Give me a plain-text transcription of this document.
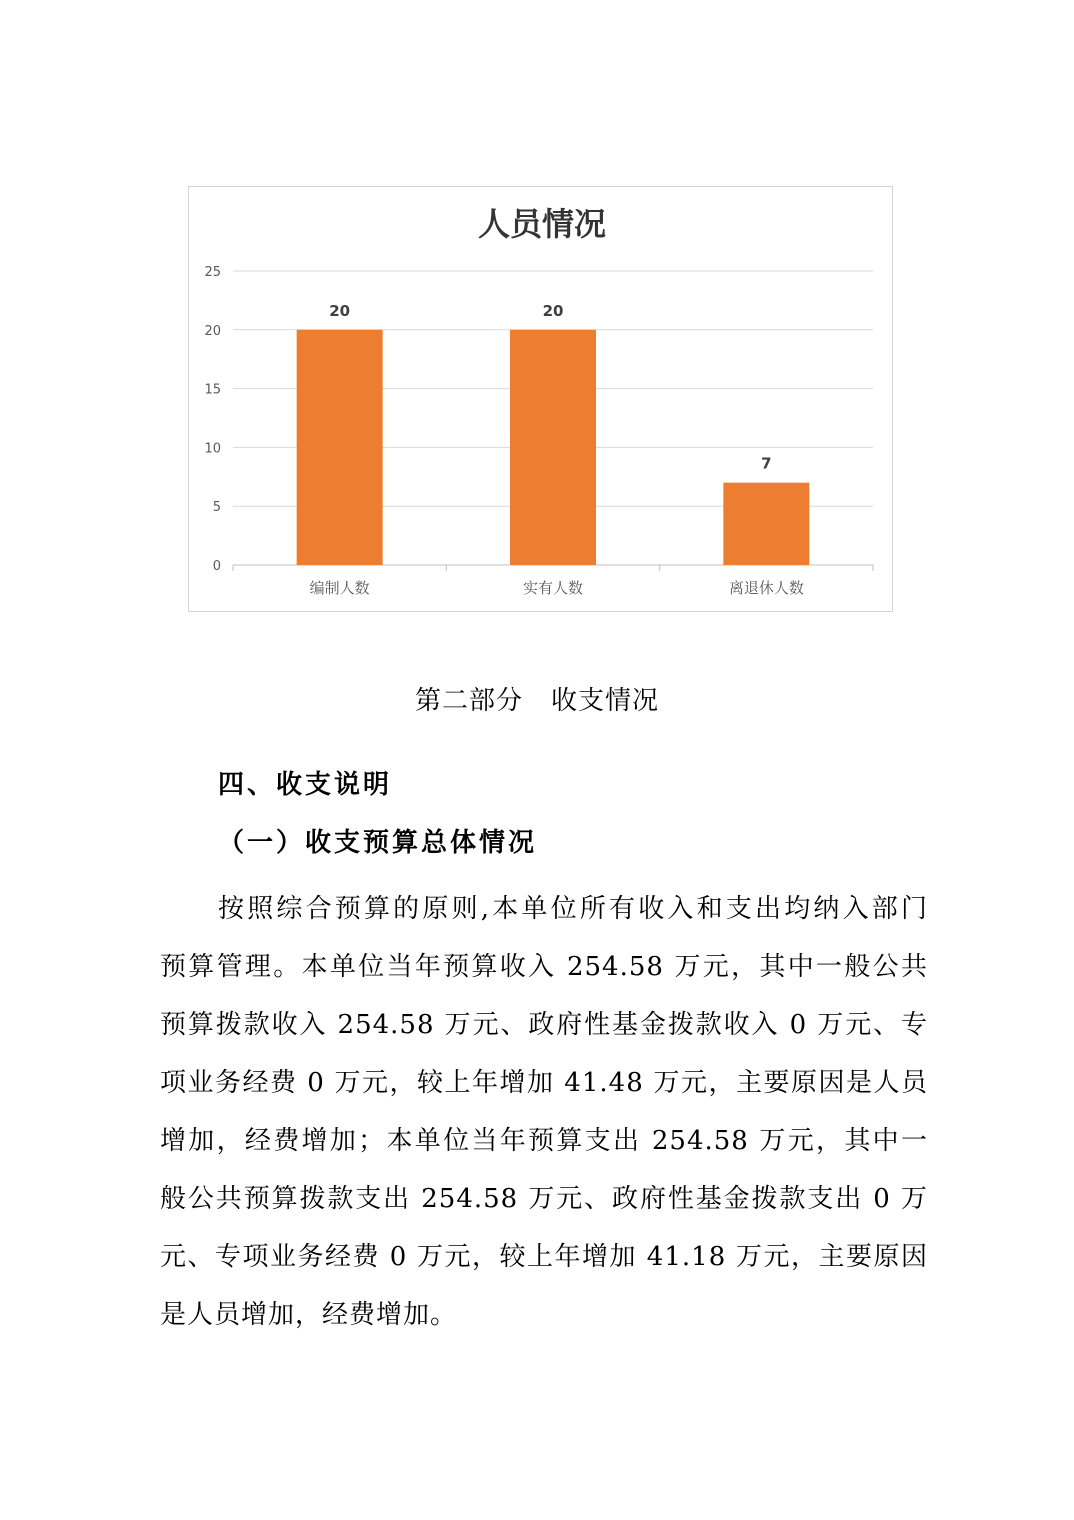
人员情况
0
5
10
15
20
25
20
编制人数
20
实有人数
7
离退休人数
第二部分 收支情况
四、收支说明
（一）收支预算总体情况
按照综合预算的原则,本单位所有收入和支出均纳入部门
预算管理。本单位当年预算收入 254.58 万元，其中一般公共
预算拨款收入 254.58 万元、政府性基金拨款收入 0 万元、专
项业务经费 0 万元，较上年增加 41.48 万元，主要原因是人员
增加，经费增加；本单位当年预算支出 254.58 万元，其中一
般公共预算拨款支出 254.58 万元、政府性基金拨款支出 0 万
元、专项业务经费 0 万元，较上年增加 41.18 万元，主要原因
是人员增加，经费增加。
